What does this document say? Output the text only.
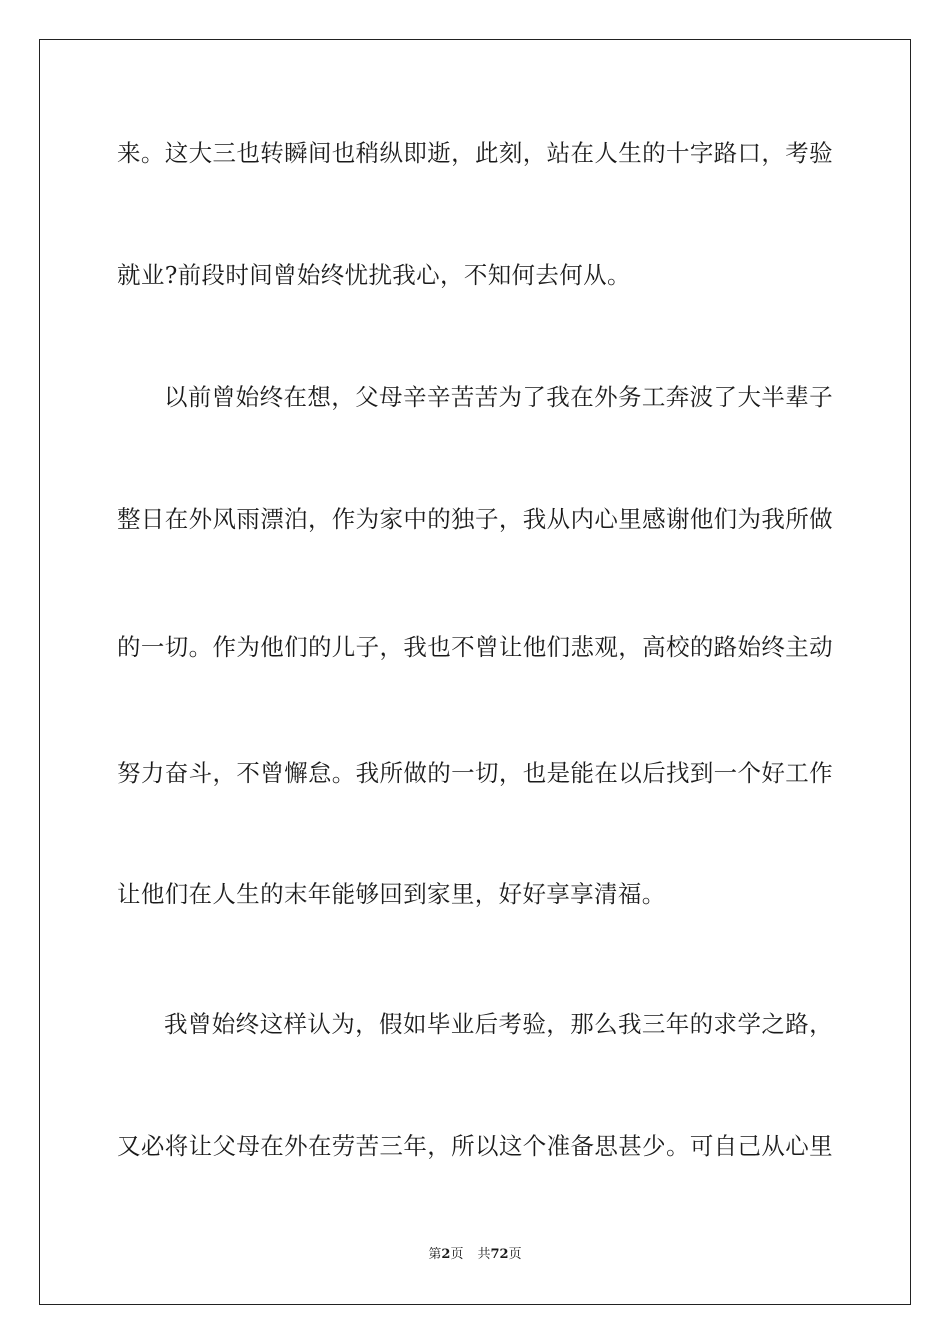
来。这大三也转瞬间也稍纵即逝，此刻，站在人生的十字路口，考验
就业?前段时间曾始终忧扰我心，不知何去何从。
以前曾始终在想，父母辛辛苦苦为了我在外务工奔波了大半辈子
整日在外风雨漂泊，作为家中的独子，我从内心里感谢他们为我所做
的一切。作为他们的儿子，我也不曾让他们悲观，高校的路始终主动
努力奋斗，不曾懈怠。我所做的一切，也是能在以后找到一个好工作
让他们在人生的末年能够回到家里，好好享享清福。
我曾始终这样认为，假如毕业后考验，那么我三年的求学之路，
又必将让父母在外在劳苦三年，所以这个准备思甚少。可自己从心里
第2页 共72页
